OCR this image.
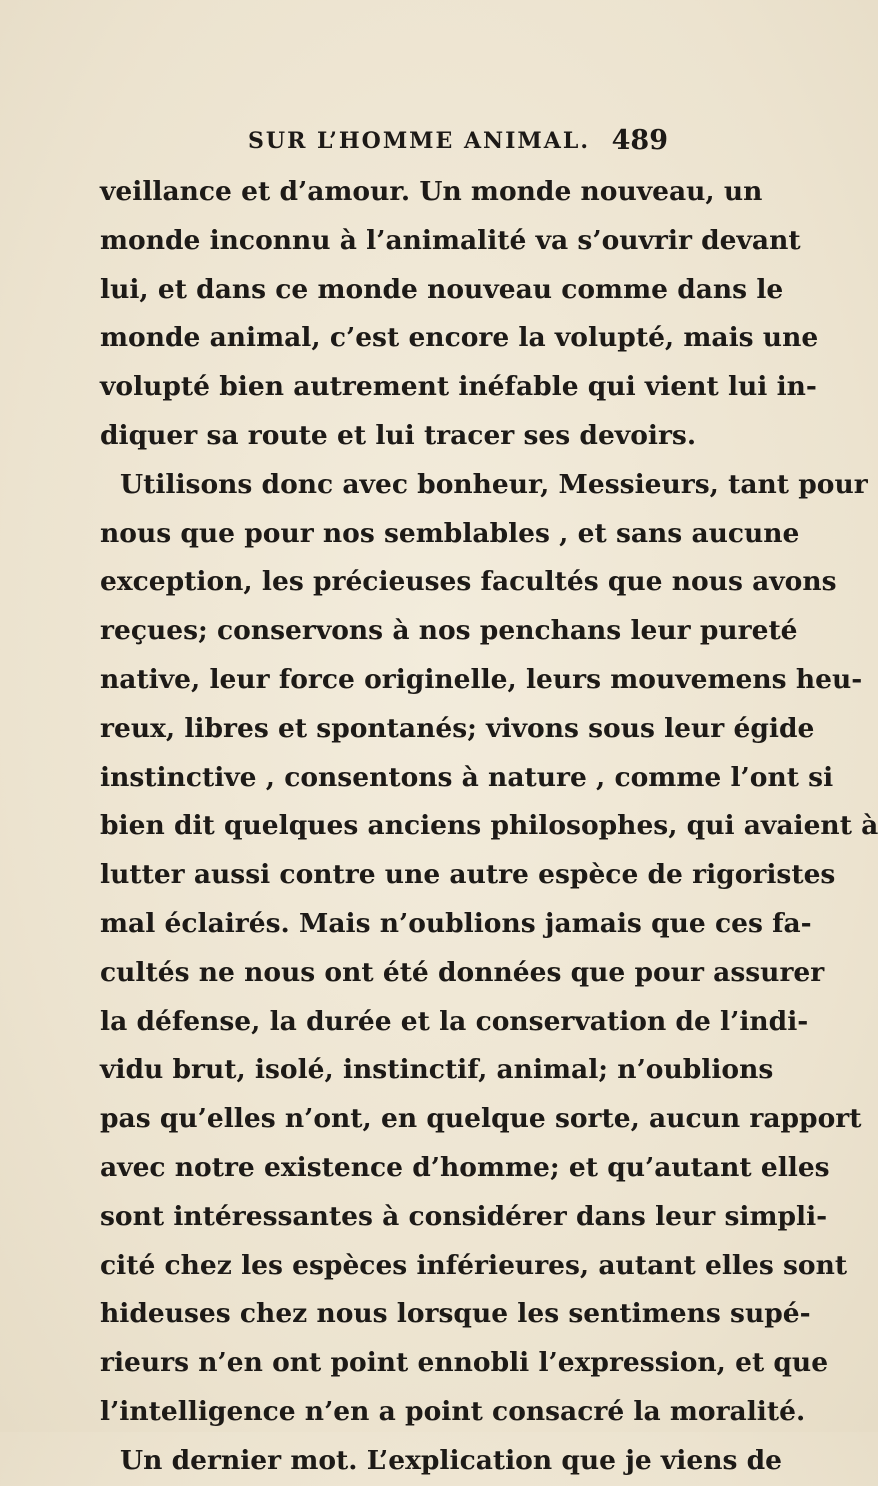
SUR L’HOMME ANIMAL. 489
veillance et d’amour. Un monde nouveau, un
monde inconnu à l’animalité va s’ouvrir devant
lui, et dans ce monde nouveau comme dans le
monde animal, c’est encore la volupté, mais une
volupté bien autrement inéfable qui vient lui in-
diquer sa route et lui tracer ses devoirs.
Utilisons donc avec bonheur, Messieurs, tant pour
nous que pour nos semblables , et sans aucune
exception, les précieuses facultés que nous avons
reçues; conservons à nos penchans leur pureté
native, leur force originelle, leurs mouvemens heu-
reux, libres et spontanés; vivons sous leur égide
instinctive , consentons à nature , comme l’ont si
bien dit quelques anciens philosophes, qui avaient à
lutter aussi contre une autre espèce de rigoristes
mal éclairés. Mais n’oublions jamais que ces fa-
cultés ne nous ont été données que pour assurer
la défense, la durée et la conservation de l’indi-
vidu brut, isolé, instinctif, animal; n’oublions
pas qu’elles n’ont, en quelque sorte, aucun rapport
avec notre existence d’homme; et qu’autant elles
sont intéressantes à considérer dans leur simpli-
cité chez les espèces inférieures, autant elles sont
hideuses chez nous lorsque les sentimens supé-
rieurs n’en ont point ennobli l’expression, et que
l’intelligence n’en a point consacré la moralité.
Un dernier mot. L’explication que je viens de
